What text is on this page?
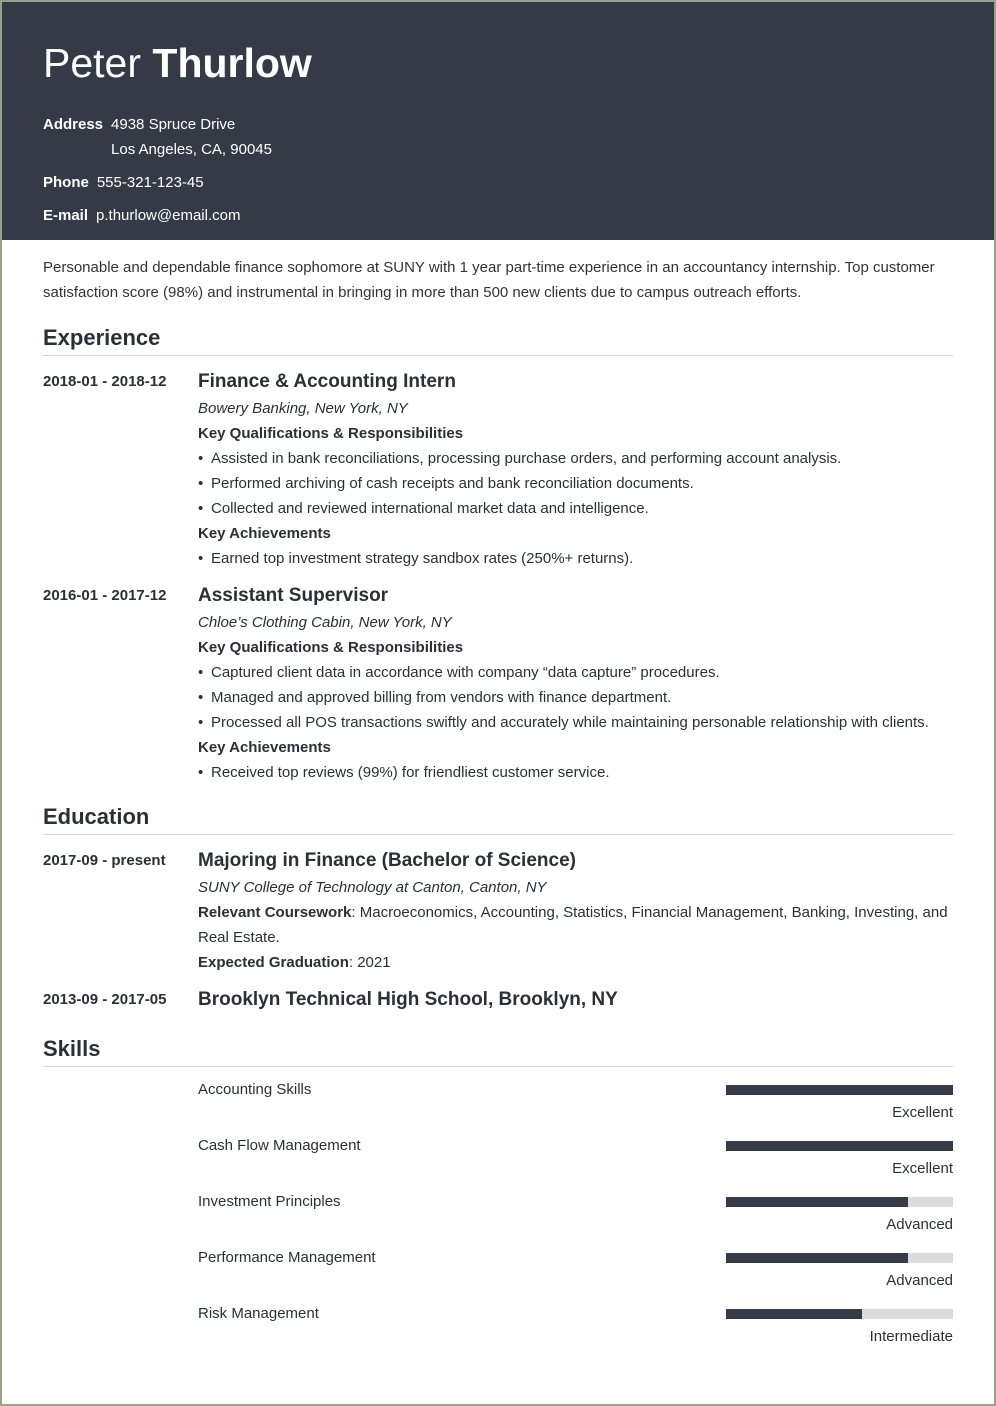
Peter Thurlow
Address 4938 Spruce Drive
Los Angeles, CA, 90045
Phone 555-321-123-45
E-mail p.thurlow@email.com

Personable and dependable finance sophomore at SUNY with 1 year part-time experience in an accountancy internship. Top customer satisfaction score (98%) and instrumental in bringing in more than 500 new clients due to campus outreach efforts.

Experience
2018-01 - 2018-12	Finance & Accounting Intern
Bowery Banking, New York, NY
Key Qualifications & Responsibilities
• Assisted in bank reconciliations, processing purchase orders, and performing account analysis.
• Performed archiving of cash receipts and bank reconciliation documents.
• Collected and reviewed international market data and intelligence.
Key Achievements
• Earned top investment strategy sandbox rates (250%+ returns).
2016-01 - 2017-12	Assistant Supervisor
Chloe’s Clothing Cabin, New York, NY
Key Qualifications & Responsibilities
• Captured client data in accordance with company “data capture” procedures.
• Managed and approved billing from vendors with finance department.
• Processed all POS transactions swiftly and accurately while maintaining personable relationship with clients.
Key Achievements
• Received top reviews (99%) for friendliest customer service.
Education
2017-09 - present	Majoring in Finance (Bachelor of Science)
SUNY College of Technology at Canton, Canton, NY
Relevant Coursework: Macroeconomics, Accounting, Statistics, Financial Management, Banking, Investing, and Real Estate.
Expected Graduation: 2021
2013-09 - 2017-05	Brooklyn Technical High School, Brooklyn, NY
Skills
Accounting Skills
Excellent
Cash Flow Management
Excellent
Investment Principles
Advanced
Performance Management
Advanced
Risk Management
Intermediate
